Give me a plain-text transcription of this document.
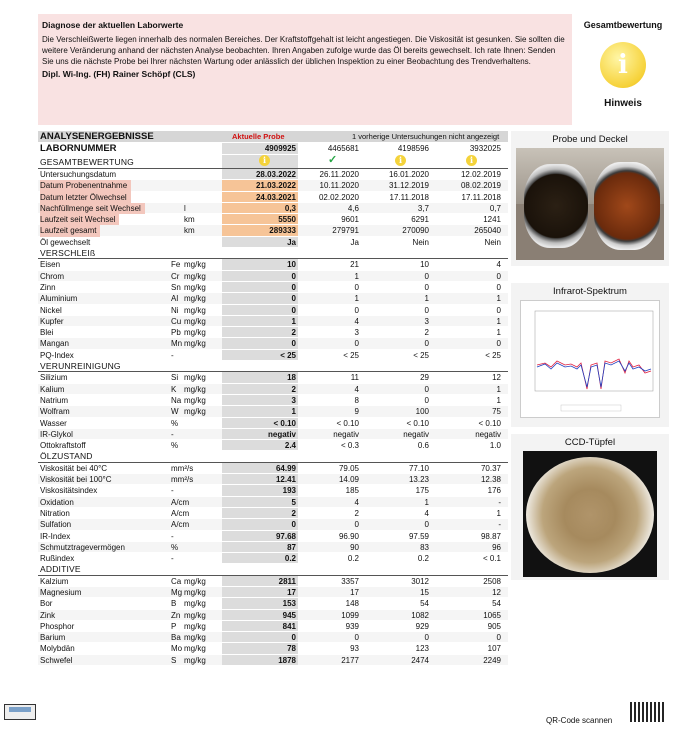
Diagnose der aktuellen Laborwerte
Die Verschleißwerte liegen innerhalb des normalen Bereiches. Der Kraftstoffgehalt ist leicht angestiegen. Die Viskosität ist gesunken. Sie sollten die weitere Veränderung anhand der nächsten Analyse beobachten. Ihren Angaben zufolge wurde das Öl bereits gewechselt. Ich rate Ihnen: Senden Sie uns die nächste Probe bei Ihrer nächsten Wartung oder anlässlich der üblichen Inspektion zu einer Beobachtung des Trendverhaltens.
Dipl. Wi-Ing. (FH) Rainer Schöpf (CLS)
Gesamtbewertung
i
Hinweis
ANALYSENERGEBNISSE	Aktuelle Probe	1 vorherige Untersuchungen nicht angezeigt
LABORNUMMER	4909925	4465681	4198596	3932025
GESAMTBEWERTUNG	i	✓	i	i
Untersuchungsdatum	28.03.2022	26.11.2020	16.01.2020	12.02.2019
Datum Probenentnahme	21.03.2022	10.11.2020	31.12.2019	08.02.2019
Datum letzter Ölwechsel	24.03.2021	02.02.2020	17.11.2018	17.11.2018
Nachfüllmenge seit Wechsel	l	0,3	4,6	3,7	0,7
Laufzeit seit Wechsel	km	5550	9601	6291	1241
Laufzeit gesamt	km	289333	279791	270090	265040
Öl gewechselt	Ja	Ja	Nein	Nein
VERSCHLEIß
Eisen	Fe mg/kg	10	21	10	4
Chrom	Cr mg/kg	0	1	0	0
Zinn	Sn mg/kg	0	0	0	0
Aluminium	Al mg/kg	0	1	1	1
Nickel	Ni mg/kg	0	0	0	0
Kupfer	Cu mg/kg	1	4	3	1
Blei	Pb mg/kg	2	3	2	1
Mangan	Mn mg/kg	0	0	0	0
PQ-Index	-	< 25	< 25	< 25	< 25
VERUNREINIGUNG
Silizium	Si mg/kg	18	11	29	12
Kalium	K mg/kg	2	4	0	1
Natrium	Na mg/kg	3	8	0	1
Wolfram	W mg/kg	1	9	100	75
Wasser	%	< 0.10	< 0.10	< 0.10	< 0.10
IR-Glykol	-	negativ	negativ	negativ	negativ
Ottokraftstoff	%	2.4	< 0.3	0.6	1.0
ÖLZUSTAND
Viskosität bei 40°C	mm²/s	64.99	79.05	77.10	70.37
Viskosität bei 100°C	mm²/s	12.41	14.09	13.23	12.38
Viskositätsindex	-	193	185	175	176
Oxidation	A/cm	5	4	1	-
Nitration	A/cm	2	2	4	1
Sulfation	A/cm	0	0	0	-
IR-Index	-	97.68	96.90	97.59	98.87
Schmutztragevermögen	%	87	90	83	96
Rußindex	-	0.2	0.2	0.2	< 0.1
ADDITIVE
Kalzium	Ca mg/kg	2811	3357	3012	2508
Magnesium	Mg mg/kg	17	17	15	12
Bor	B mg/kg	153	148	54	54
Zink	Zn mg/kg	945	1099	1082	1065
Phosphor	P mg/kg	841	939	929	905
Barium	Ba mg/kg	0	0	0	0
Molybdän	Mo mg/kg	78	93	123	107
Schwefel	S mg/kg	1878	2177	2474	2249
Probe und Deckel
Infrarot-Spektrum
CCD-Tüpfel
QR-Code scannen
